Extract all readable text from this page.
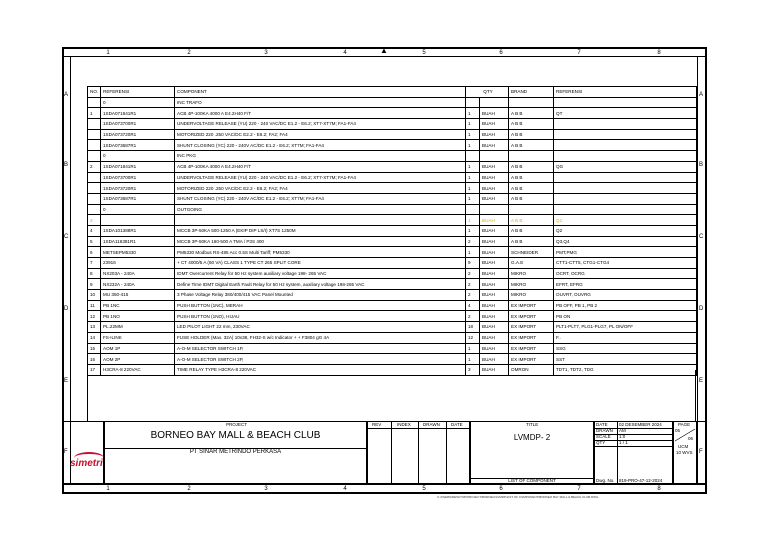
1	2	3	4	5	6	7	8
1	2	3	4	5	6	7	8
▲
A
B
C
D
E
F
A
B
C
D
E
F
NO.	REFERENSI	COMPONENT	QTY		BRAND	REFERENSI
	0	INC TRAFO				
1	1SDA071841R1	ACB 4P-100KA 4000 A E4.2H40 F/T	1	BUAH	A B B	QT
	1SDA073700R1	UNDERVOLTAGE RELEASE (YU) 220 - 240 VAC/DC E1.2 - E6.2; XT7-XT7M; FA1-FA4	1	BUAH	A B B	
	1SDA073720R1	MOTORIZED 220 .250 VAC/DC E2.2 - E6.2; FA2; FA4	1	BUAH	A B B	
	1SDA073687R1	SHUNT CLOSING (YC) 220 - 240V AC/DC E1.2 - E6.2; XT7M; FA1-FA4	1	BUAH	A B B	
	0	INC PKG				
2	1SDA071841R1	ACB 4P-100KA 4000 A E4.2H40 F/T	1	BUAH	A B B	QG
	1SDA073700R1	UNDERVOLTAGE RELEASE (YU) 220 - 240 VAC/DC E1.2 - E6.2; XT7-XT7M; FA1-FA4	1	BUAH	A B B	
	1SDA073720R1	MOTORIZED 220 .250 VAC/DC E2.2 - E6.2; FA2; FA4	1	BUAH	A B B	
	1SDA073687R1	SHUNT CLOSING (YC) 220 - 240V AC/DC E1.2 - E6.2; XT7M; FA1-FA4	1	BUAH	A B B	
	0	OUTGOING				
3			1	BUAH	A B B	Q1
4	1SDA101388R1	MCCB 3P-50KA 500-1250 A (EKIP DIP LS/I) XT7S 1250M	1	BUAH	A B B	Q2
5	1SDA116381R1	MCCB 3P-50KA 160-500 A TMA / P3S 400	2	BUAH	A B B	Q3,Q4
6	METSEPM5330	PM5330 Modbus RS-485 Acc 0.5S Multi Tariff; PM5330	1	BUAH	SCHNEIDER	PMT,PMG
7	23916	+ CT 4000/5 A (60 VA) CLASS 1 TYPE CT 265 SPLIT CORE	9	BUAH	G.A.E	CTT1-CTT5, CTG1-CTG4
8	NX203A - 240A	IDMT Overcurrent Relay for 50 Hz system auxiliary voltage 198- 265 VAC	2	BUAH	MIKRO	OCRT, OCRG
9	NX232A - 240A	Define Time IDMT Digital Earth Fault Relay for 50 Hz system, auxiliary voltage 198-265 VAC	2	BUAH	MIKRO	EFRT, EFRG
10	MU 350-415	3 Phase Voltage Relay 380/400/415 VAC Panel Mounted	2	BUAH	MIKRO	OUVRT, OUVRG
11	PB 1NC	PUSH BUTTON (1NC), MERAH	4	BUAH	EX IMPORT	PB OFF, PB 1, PB 2
12	PB 1NO	PUSH BUTTON (1NO), HIJAU	2	BUAH	EX IMPORT	PB ON
13	PL.22MM	LED PILOT LIGHT 22 mm, 230VAC	18	BUAH	EX IMPORT	PLT1-PLT7, PLG1-PLG7, PL ON/OFF
14	FS+LINK	FUSE HOLDER (Max. 32A) 10x38, FH32-S w/c Indicator + + F3804 gG 4A	12	BUAH	EX IMPORT	F..
15	AOM 1P	A-O-M SELECTOR SWITCH 1P,	1	BUAH	EX IMPORT	SSG
16	AOM 2P	A-O-M SELECTOR SWITCH 2P,	1	BUAH	EX IMPORT	SST
17	H3CRA-8 220VAC	TIME RELAY TYPE H3CRA-8 220VAC	3	BUAH	OMRON	TDT1, TDT2, TDG
simetri
PROJECT
BORNEO BAY MALL & BEACH CLUB
PT SINAR METRINDO PERKASA
REV	INDEX	DRAWN DATE	TITLE
LVMDP- 2
LIST OF COMPONENT
DATE	02 DESEMBER 2024
DRAWN AM
SCALE 1:0
QTY	1 / 1
Dwg. No. 819-PRO-47-12-2024
PAGE
05
06
UCM
10 WVS
C:\USERS\DESKTOP\PROJECT\BORNEO\LVMDP\LIST OF COMPONENT\BORNEO BAY MALL & BEACH CLUB.DWG
